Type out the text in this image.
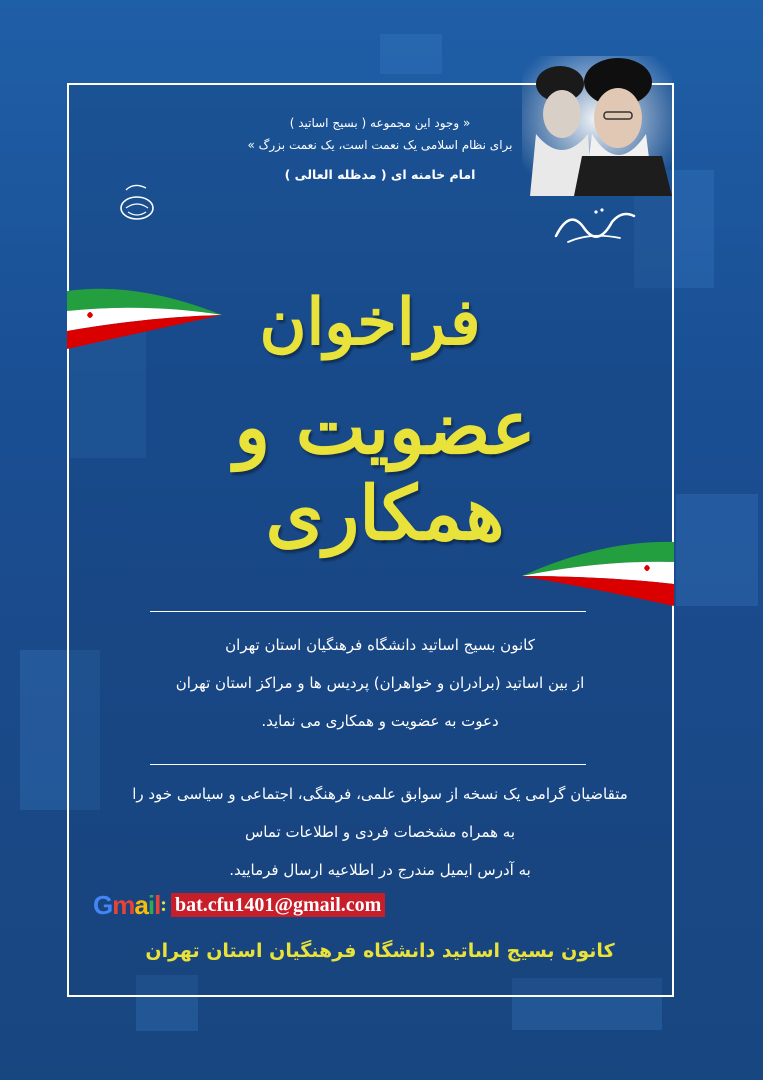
« وجود این مجموعه ( بسیج اساتید )
برای نظام اسلامی یک نعمت است، یک نعمت بزرگ »
امام خامنه ای ( مدظله العالی )
فراخوان
عضویت و همکاری
کانون بسیج اساتید دانشگاه فرهنگیان استان تهران
از بین اساتید (برادران و خواهران) پردیس ها و مراکز استان تهران
دعوت به عضویت و همکاری می نماید.
متقاضیان گرامی یک نسخه از سوابق علمی، فرهنگی، اجتماعی و سیاسی خود را
به همراه مشخصات فردی و اطلاعات تماس
به آدرس ایمیل مندرج در اطلاعیه ارسال فرمایید.
Gmail : bat.cfu1401@gmail.com
کانون بسیج اساتید دانشگاه فرهنگیان استان تهران
